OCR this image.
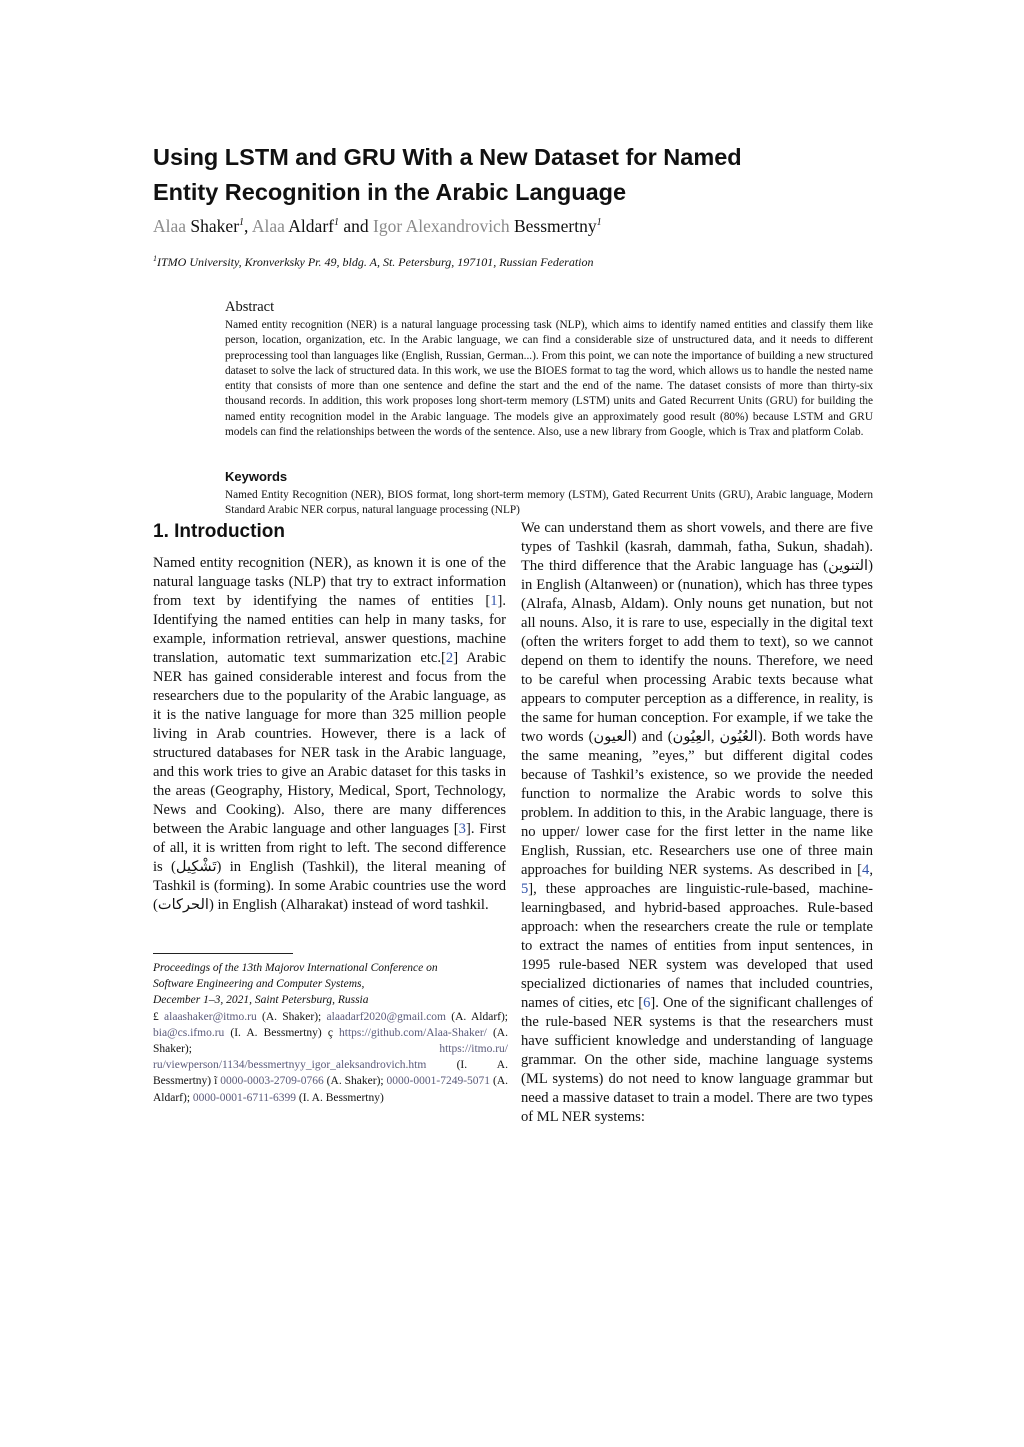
Using LSTM and GRU With a New Dataset for Named
Entity Recognition in the Arabic Language
Alaa Shaker$^1$, Alaa Aldarf$^1$ and Igor Alexandrovich Bessmertny$^1$
$^1$ITMO University, Kronverksky Pr. 49, bldg. A, St. Petersburg, 197101, Russian Federation
Abstract
Named entity recognition (NER) is a natural language processing task (NLP), which aims to identify named entities and classify them like person, location, organization, etc. In the Arabic language, we can find a considerable size of unstructured data, and it needs to different preprocessing tool than languages like (English, Russian, German...). From this point, we can note the importance of building a new structured dataset to solve the lack of structured data. In this work, we use the BIOES format to tag the word, which allows us to handle the nested name entity that consists of more than one sentence and define the start and the end of the name. The dataset consists of more than thirty-six thousand records. In addition, this work proposes long short-term memory (LSTM) units and Gated Recurrent Units (GRU) for building the named entity recognition model in the Arabic language. The models give an approximately good result (80%) because LSTM and GRU models can find the relationships between the words of the sentence. Also, use a new library from Google, which is Trax and platform Colab.
Keywords
Named Entity Recognition (NER), BIOS format, long short-term memory (LSTM), Gated Recurrent Units (GRU), Arabic language, Modern Standard Arabic NER corpus, natural language processing (NLP)
1. Introduction
Named entity recognition (NER), as known it is one of the natural language tasks (NLP) that try to extract information from text by identifying the names of entities [1]. Identifying the named entities can help in many tasks, for example, information retrieval, answer questions, machine translation, automatic text summarization etc.[2] Arabic NER has gained considerable interest and focus from the researchers due to the popularity of the Arabic language, as it is the native language for more than 325 million people living in Arab countries. However, there is a lack of structured databases for NER task in the Arabic language, and this work tries to give an Arabic dataset for this tasks in the areas (Geography, History, Medical, Sport, Technology, News and Cooking). Also, there are many differences between the Arabic language and other languages [3]. First of all, it is written from right to left. The second difference is (تَشْكِيل) in English (Tashkil), the literal meaning of Tashkil is (forming). In some Arabic countries use the word (الحركات) in English (Alharakat) instead of word tashkil.
We can understand them as short vowels, and there are five types of Tashkil (kasrah, dammah, fatha, Sukun, shadah). The third difference that the Arabic language has (التنوين) in English (Altanween) or (nunation), which has three types (Alrafa, Alnasb, Aldam). Only nouns get nunation, but not all nouns. Also, it is rare to use, especially in the digital text (often the writers forget to add them to text), so we cannot depend on them to identify the nouns. Therefore, we need to be careful when processing Arabic texts because what appears to computer perception as a difference, in reality, is the same for human conception. For example, if we take the two words (العيون) and (العُيُون ,العِيُون). Both words have the same meaning, ”eyes,” but different digital codes because of Tashkil’s existence, so we provide the needed function to normalize the Arabic words to solve this problem. In addition to this, in the Arabic language, there is no upper/ lower case for the first letter in the name like English, Russian, etc. Researchers use one of three main approaches for building NER systems. As described in [4, 5], these approaches are linguistic-rule-based, machine-learningbased, and hybrid-based approaches. Rule-based approach: when the researchers create the rule or template to extract the names of entities from input sentences, in 1995 rule-based NER system was developed that used specialized dictionaries of names that included countries, names of cities, etc [6]. One of the significant challenges of the rule-based NER systems is that the researchers must have sufficient knowledge and understanding of language grammar. On the other side, machine language systems (ML systems) do not need to know language grammar but need a massive dataset to train a model. There are two types of ML NER systems:
Proceedings of the 13th Majorov International Conference on
Software Engineering and Computer Systems,
December 1–3, 2021, Saint Petersburg, Russia
£ alaashaker@itmo.ru (A. Shaker); alaadarf2020@gmail.com (A. Aldarf); bia@cs.ifmo.ru (I. A. Bessmertny) ç https://github.com/Alaa-Shaker/ (A. Shaker); https://itmo.ru/ ru/viewperson/1134/bessmertnyy_igor_aleksandrovich.htm (I. A. Bessmertny) ĩ 0000-0003-2709-0766 (A. Shaker); 0000-0001-7249-5071 (A. Aldarf); 0000-0001-6711-6399 (I. A. Bessmertny)
